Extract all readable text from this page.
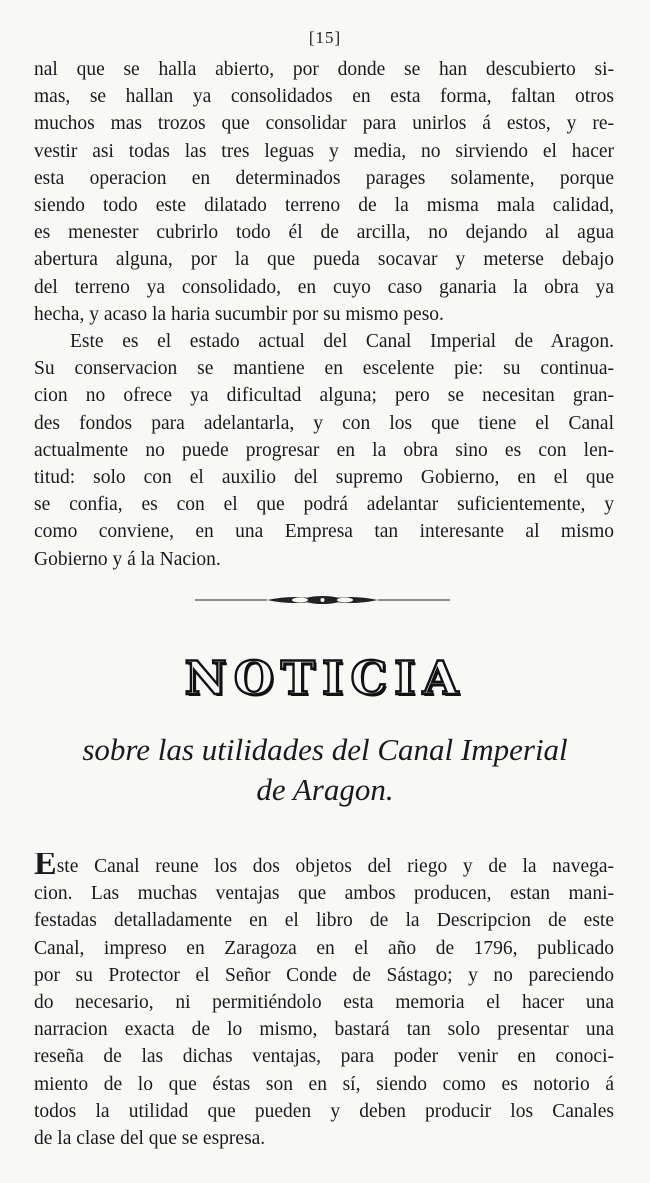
[15]
nal que se halla abierto, por donde se han descubierto si-
mas, se hallan ya consolidados en esta forma, faltan otros
muchos mas trozos que consolidar para unirlos á estos, y re-
vestir asi todas las tres leguas y media, no sirviendo el hacer
esta operacion en determinados parages solamente, porque
siendo todo este dilatado terreno de la misma mala calidad,
es menester cubrirlo todo él de arcilla, no dejando al agua
abertura alguna, por la que pueda socavar y meterse debajo
del terreno ya consolidado, en cuyo caso ganaria la obra ya
hecha, y acaso la haria sucumbir por su mismo peso.
Este es el estado actual del Canal Imperial de Aragon.
Su conservacion se mantiene en escelente pie: su continua-
cion no ofrece ya dificultad alguna; pero se necesitan gran-
des fondos para adelantarla, y con los que tiene el Canal
actualmente no puede progresar en la obra sino es con len-
titud: solo con el auxilio del supremo Gobierno, en el que
se confia, es con el que podrá adelantar suficientemente, y
como conviene, en una Empresa tan interesante al mismo
Gobierno y á la Nacion.
NOTICIA
sobre las utilidades del Canal Imperial
de Aragon.
Este Canal reune los dos objetos del riego y de la navega-
cion. Las muchas ventajas que ambos producen, estan mani-
festadas detalladamente en el libro de la Descripcion de este
Canal, impreso en Zaragoza en el año de 1796, publicado
por su Protector el Señor Conde de Sástago; y no pareciendo
do necesario, ni permitiéndolo esta memoria el hacer una
narracion exacta de lo mismo, bastará tan solo presentar una
reseña de las dichas ventajas, para poder venir en conoci-
miento de lo que éstas son en sí, siendo como es notorio á
todos la utilidad que pueden y deben producir los Canales
de la clase del que se espresa.
